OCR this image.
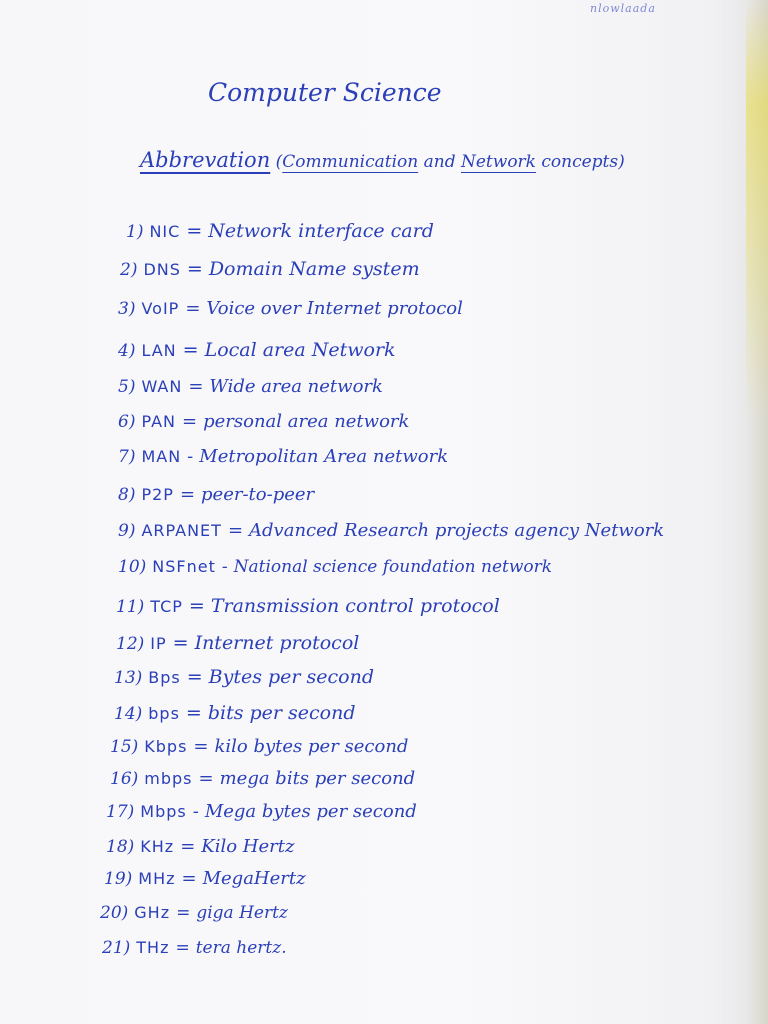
nlowlaada
Computer Science
Abbrevation (Communication and Network concepts)
1) NIC = Network interface card
2) DNS = Domain Name system
3) VoIP = Voice over Internet protocol
4) LAN = Local area Network
5) WAN = Wide area network
6) PAN = personal area network
7) MAN - Metropolitan Area network
8) P2P = peer-to-peer
9) ARPANET = Advanced Research projects agency Network
10) NSFnet - National science foundation network
11) TCP = Transmission control protocol
12) IP = Internet protocol
13) Bps = Bytes per second
14) bps = bits per second
15) Kbps = kilo bytes per second
16) mbps = mega bits per second
17) Mbps - Mega bytes per second
18) KHz = Kilo Hertz
19) MHz = MegaHertz
20) GHz = giga Hertz
21) THz = tera hertz.
